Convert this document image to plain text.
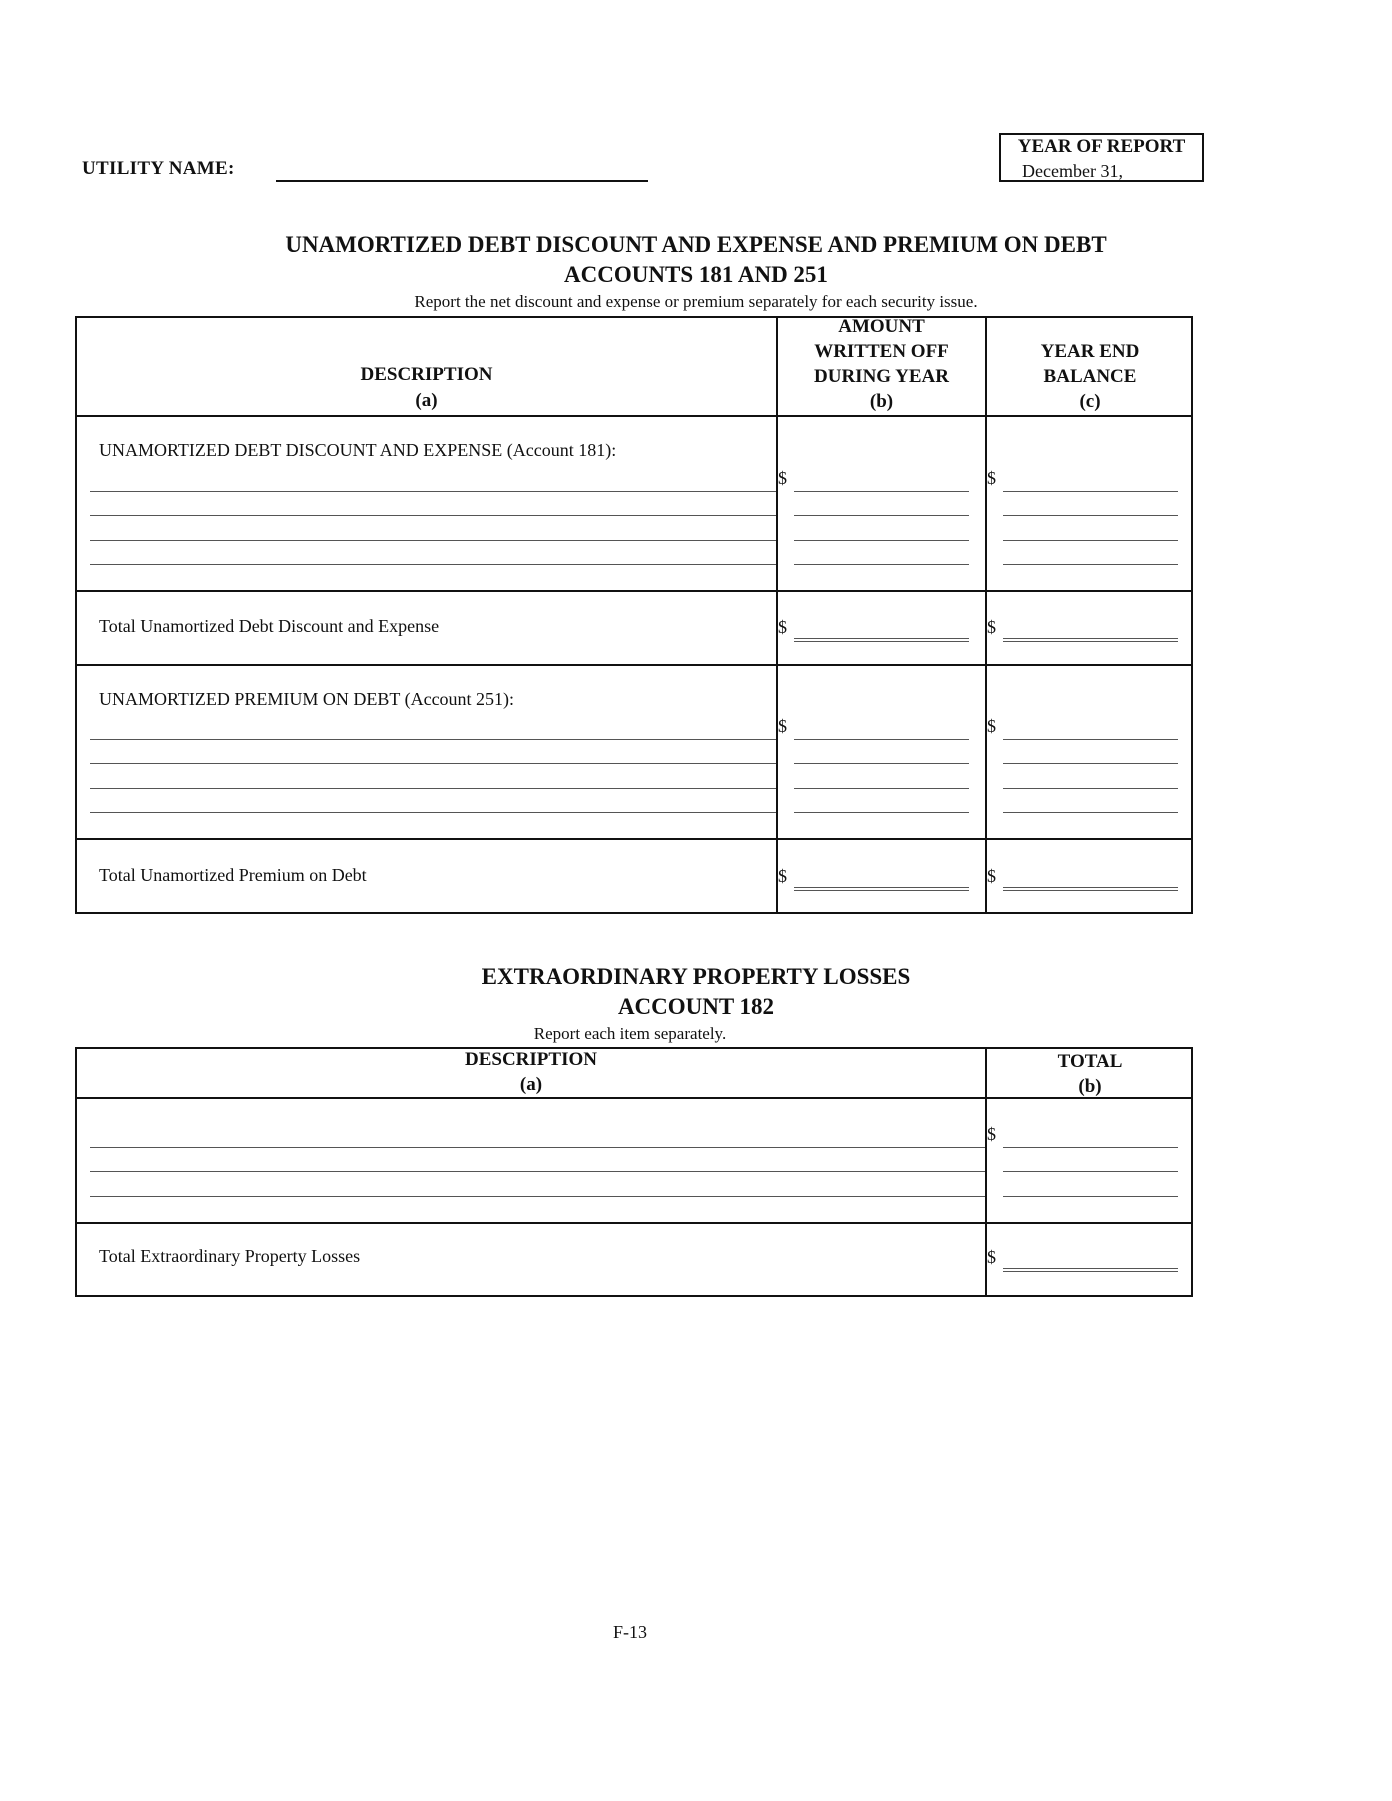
UTILITY NAME:
YEAR OF REPORT
December 31,
UNAMORTIZED DEBT DISCOUNT AND EXPENSE AND PREMIUM ON DEBT
ACCOUNTS 181 AND 251
Report the net discount and expense or premium separately for each security issue.
DESCRIPTION
(a)
AMOUNT
WRITTEN OFF
DURING YEAR
(b)
YEAR END
BALANCE
(c)
UNAMORTIZED DEBT DISCOUNT AND EXPENSE (Account 181):
$	$
Total Unamortized Debt Discount and Expense	$	$
UNAMORTIZED PREMIUM ON DEBT (Account 251):
$	$
Total Unamortized Premium on Debt	$	$
EXTRAORDINARY PROPERTY LOSSES
ACCOUNT 182
Report each item separately.
DESCRIPTION
(a)
TOTAL
(b)
$
Total Extraordinary Property Losses	$
F-13
